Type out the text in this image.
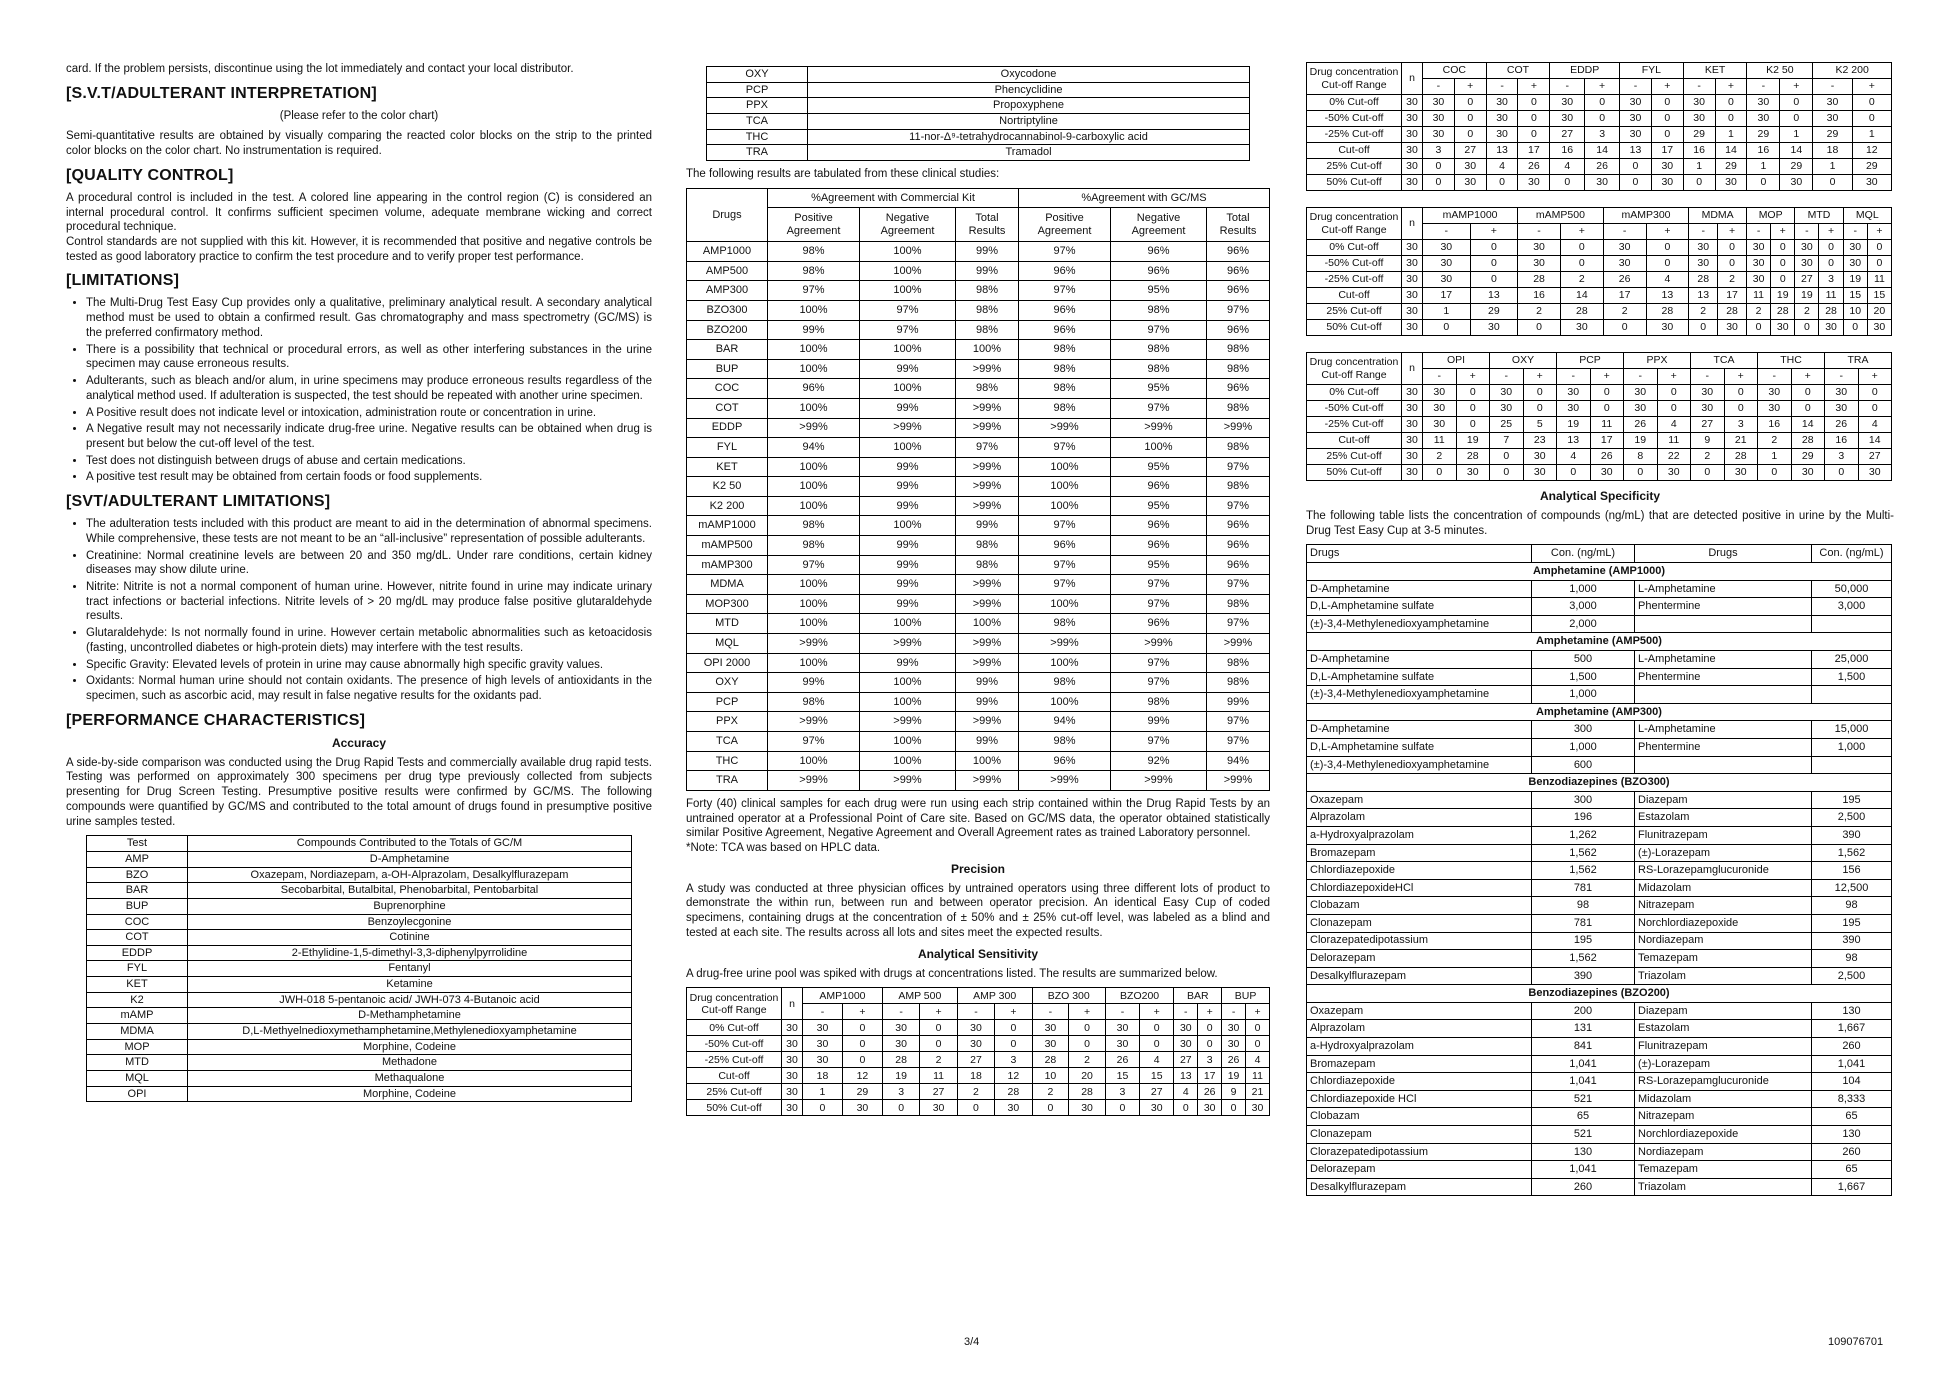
card. If the problem persists, discontinue using the lot immediately and contact your local distributor.

[S.V.T/ADULTERANT INTERPRETATION]

(Please refer to the color chart)

Semi-quantitative results are obtained by visually comparing the reacted color blocks on the strip to the printed color blocks on the color chart. No instrumentation is required.

[QUALITY CONTROL]

A procedural control is included in the test. A colored line appearing in the control region (C) is considered an internal procedural control. It confirms sufficient specimen volume, adequate membrane wicking and correct procedural technique.

Control standards are not supplied with this kit. However, it is recommended that positive and negative controls be tested as good laboratory practice to confirm the test procedure and to verify proper test performance.

[LIMITATIONS]
• The Multi-Drug Test Easy Cup provides only a qualitative, preliminary analytical result. A secondary analytical method must be used to obtain a confirmed result. Gas chromatography and mass spectrometry (GC/MS) is the preferred confirmatory method.
• There is a possibility that technical or procedural errors, as well as other interfering substances in the urine specimen may cause erroneous results.
• Adulterants, such as bleach and/or alum, in urine specimens may produce erroneous results regardless of the analytical method used. If adulteration is suspected, the test should be repeated with another urine specimen.
• A Positive result does not indicate level or intoxication, administration route or concentration in urine.
• A Negative result may not necessarily indicate drug-free urine. Negative results can be obtained when drug is present but below the cut-off level of the test.
• Test does not distinguish between drugs of abuse and certain medications.
• A positive test result may be obtained from certain foods or food supplements.
[SVT/ADULTERANT LIMITATIONS]
• The adulteration tests included with this product are meant to aid in the determination of abnormal specimens. While comprehensive, these tests are not meant to be an “all-inclusive” representation of possible adulterants.
• Creatinine: Normal creatinine levels are between 20 and 350 mg/dL. Under rare conditions, certain kidney diseases may show dilute urine.
• Nitrite: Nitrite is not a normal component of human urine. However, nitrite found in urine may indicate urinary tract infections or bacterial infections. Nitrite levels of > 20 mg/dL may produce false positive glutaraldehyde results.
• Glutaraldehyde: Is not normally found in urine. However certain metabolic abnormalities such as ketoacidosis (fasting, uncontrolled diabetes or high-protein diets) may interfere with the test results.
• Specific Gravity: Elevated levels of protein in urine may cause abnormally high specific gravity values.
• Oxidants: Normal human urine should not contain oxidants. The presence of high levels of antioxidants in the specimen, such as ascorbic acid, may result in false negative results for the oxidants pad.
[PERFORMANCE CHARACTERISTICS]
Accuracy

A side-by-side comparison was conducted using the Drug Rapid Tests and commercially available drug rapid tests. Testing was performed on approximately 300 specimens per drug type previously collected from subjects presenting for Drug Screen Testing. Presumptive positive results were confirmed by GC/MS. The following compounds were quantified by GC/MS and contributed to the total amount of drugs found in presumptive positive urine samples tested.

Test	Compounds Contributed to the Totals of GC/M
AMP	D-Amphetamine
BZO	Oxazepam, Nordiazepam, a-OH-Alprazolam, Desalkylflurazepam
BAR	Secobarbital, Butalbital, Phenobarbital, Pentobarbital
BUP	Buprenorphine
COC	Benzoylecgonine
COT	Cotinine
EDDP	2-Ethylidine-1,5-dimethyl-3,3-diphenylpyrrolidine
FYL	Fentanyl
KET	Ketamine
K2	JWH-018 5-pentanoic acid/ JWH-073 4-Butanoic acid
mAMP	D-Methamphetamine
MDMA	D,L-Methyelnedioxymethamphetamine,Methylenedioxyamphetamine
MOP	Morphine, Codeine
MTD	Methadone
MQL	Methaqualone
OPI	Morphine, Codeine
OXY	Oxycodone
PCP	Phencyclidine
PPX	Propoxyphene
TCA	Nortriptyline
THC	11-nor-Δ⁹-tetrahydrocannabinol-9-carboxylic acid
TRA	Tramadol

The following results are tabulated from these clinical studies:

Drugs	%Agreement with Commercial Kit			%Agreement with GC/MS		
	Positive Agreement	Negative Agreement	Total Results	Positive Agreement	Negative Agreement	Total Results
AMP1000	98%	100%	99%	97%	96%	96%
AMP500	98%	100%	99%	96%	96%	96%
AMP300	97%	100%	98%	97%	95%	96%
BZO300	100%	97%	98%	96%	98%	97%
BZO200	99%	97%	98%	96%	97%	96%
BAR	100%	100%	100%	98%	98%	98%
BUP	100%	99%	>99%	98%	98%	98%
COC	96%	100%	98%	98%	95%	96%
COT	100%	99%	>99%	98%	97%	98%
EDDP	>99%	>99%	>99%	>99%	>99%	>99%
FYL	94%	100%	97%	97%	100%	98%
KET	100%	99%	>99%	100%	95%	97%
K2 50	100%	99%	>99%	100%	96%	98%
K2 200	100%	99%	>99%	100%	95%	97%
mAMP1000	98%	100%	99%	97%	96%	96%
mAMP500	98%	99%	98%	96%	96%	96%
mAMP300	97%	99%	98%	97%	95%	96%
MDMA	100%	99%	>99%	97%	97%	97%
MOP300	100%	99%	>99%	100%	97%	98%
MTD	100%	100%	100%	98%	96%	97%
MQL	>99%	>99%	>99%	>99%	>99%	>99%
OPI 2000	100%	99%	>99%	100%	97%	98%
OXY	99%	100%	99%	98%	97%	98%
PCP	98%	100%	99%	100%	98%	99%
PPX	>99%	>99%	>99%	94%	99%	97%
TCA	97%	100%	99%	98%	97%	97%
THC	100%	100%	100%	96%	92%	94%
TRA	>99%	>99%	>99%	>99%	>99%	>99%

Forty (40) clinical samples for each drug were run using each strip contained within the Drug Rapid Tests by an untrained operator at a Professional Point of Care site. Based on GC/MS data, the operator obtained statistically similar Positive Agreement, Negative Agreement and Overall Agreement rates as trained Laboratory personnel.

*Note: TCA was based on HPLC data.

Precision

A study was conducted at three physician offices by untrained operators using three different lots of product to demonstrate the within run, between run and between operator precision. An identical Easy Cup of coded specimens, containing drugs at the concentration of ± 50% and ± 25% cut-off level, was labeled as a blind and tested at each site. The results across all lots and sites meet the expected results.

Analytical Sensitivity

A drug-free urine pool was spiked with drugs at concentrations listed. The results are summarized below.

Drug concentration
Cut-off Range	n	AMP1000		AMP 500		AMP 300		BZO 300		BZO200		BAR		BUP	
		-	+	-	+	-	+	-	+	-	+	-	+	-	+
0% Cut-off	30	30	0	30	0	30	0	30	0	30	0	30	0	30	0
-50% Cut-off	30	30	0	30	0	30	0	30	0	30	0	30	0	30	0
-25% Cut-off	30	30	0	28	2	27	3	28	2	26	4	27	3	26	4
Cut-off	30	18	12	19	11	18	12	10	20	15	15	13	17	19	11
25% Cut-off	30	1	29	3	27	2	28	2	28	3	27	4	26	9	21
50% Cut-off	30	0	30	0	30	0	30	0	30	0	30	0	30	0	30
Drug concentration
Cut-off Range	n	COC		COT		EDDP		FYL		KET		K2 50		K2 200	
		-	+	-	+	-	+	-	+	-	+	-	+	-	+
0% Cut-off	30	30	0	30	0	30	0	30	0	30	0	30	0	30	0
-50% Cut-off	30	30	0	30	0	30	0	30	0	30	0	30	0	30	0
-25% Cut-off	30	30	0	30	0	27	3	30	0	29	1	29	1	29	1
Cut-off	30	3	27	13	17	16	14	13	17	16	14	16	14	18	12
25% Cut-off	30	0	30	4	26	4	26	0	30	1	29	1	29	1	29
50% Cut-off	30	0	30	0	30	0	30	0	30	0	30	0	30	0	30
Drug concentration
Cut-off Range	n	mAMP1000		mAMP500		mAMP300		MDMA		MOP		MTD		MQL	
		-	+	-	+	-	+	-	+	-	+	-	+	-	+
0% Cut-off	30	30	0	30	0	30	0	30	0	30	0	30	0	30	0
-50% Cut-off	30	30	0	30	0	30	0	30	0	30	0	30	0	30	0
-25% Cut-off	30	30	0	28	2	26	4	28	2	30	0	27	3	19	11
Cut-off	30	17	13	16	14	17	13	13	17	11	19	19	11	15	15
25% Cut-off	30	1	29	2	28	2	28	2	28	2	28	2	28	10	20
50% Cut-off	30	0	30	0	30	0	30	0	30	0	30	0	30	0	30
Drug concentration
Cut-off Range	n	OPI		OXY		PCP		PPX		TCA		THC		TRA	
		-	+	-	+	-	+	-	+	-	+	-	+	-	+
0% Cut-off	30	30	0	30	0	30	0	30	0	30	0	30	0	30	0
-50% Cut-off	30	30	0	30	0	30	0	30	0	30	0	30	0	30	0
-25% Cut-off	30	30	0	25	5	19	11	26	4	27	3	16	14	26	4
Cut-off	30	11	19	7	23	13	17	19	11	9	21	2	28	16	14
25% Cut-off	30	2	28	0	30	4	26	8	22	2	28	1	29	3	27
50% Cut-off	30	0	30	0	30	0	30	0	30	0	30	0	30	0	30
Analytical Specificity

The following table lists the concentration of compounds (ng/mL) that are detected positive in urine by the Multi-Drug Test Easy Cup at 3-5 minutes.

Drugs	Con. (ng/mL)	Drugs	Con. (ng/mL)
Amphetamine (AMP1000)			
D-Amphetamine	1,000	L-Amphetamine	50,000
D,L-Amphetamine sulfate	3,000	Phentermine	3,000
(±)-3,4-Methylenedioxyamphetamine	2,000		
Amphetamine (AMP500)			
D-Amphetamine	500	L-Amphetamine	25,000
D,L-Amphetamine sulfate	1,500	Phentermine	1,500
(±)-3,4-Methylenedioxyamphetamine	1,000		
Amphetamine (AMP300)			
D-Amphetamine	300	L-Amphetamine	15,000
D,L-Amphetamine sulfate	1,000	Phentermine	1,000
(±)-3,4-Methylenedioxyamphetamine	600		
Benzodiazepines (BZO300)			
Oxazepam	300	Diazepam	195
Alprazolam	196	Estazolam	2,500
a-Hydroxyalprazolam	1,262	Flunitrazepam	390
Bromazepam	1,562	(±)-Lorazepam	1,562
Chlordiazepoxide	1,562	RS-Lorazepamglucuronide	156
ChlordiazepoxideHCl	781	Midazolam	12,500
Clobazam	98	Nitrazepam	98
Clonazepam	781	Norchlordiazepoxide	195
Clorazepatedipotassium	195	Nordiazepam	390
Delorazepam	1,562	Temazepam	98
Desalkylflurazepam	390	Triazolam	2,500
Benzodiazepines (BZO200)			
Oxazepam	200	Diazepam	130
Alprazolam	131	Estazolam	1,667
a-Hydroxyalprazolam	841	Flunitrazepam	260
Bromazepam	1,041	(±)-Lorazepam	1,041
Chlordiazepoxide	1,041	RS-Lorazepamglucuronide	104
Chlordiazepoxide HCl	521	Midazolam	8,333
Clobazam	65	Nitrazepam	65
Clonazepam	521	Norchlordiazepoxide	130
Clorazepatedipotassium	130	Nordiazepam	260
Delorazepam	1,041	Temazepam	65
Desalkylflurazepam	260	Triazolam	1,667
3/4	109076701
